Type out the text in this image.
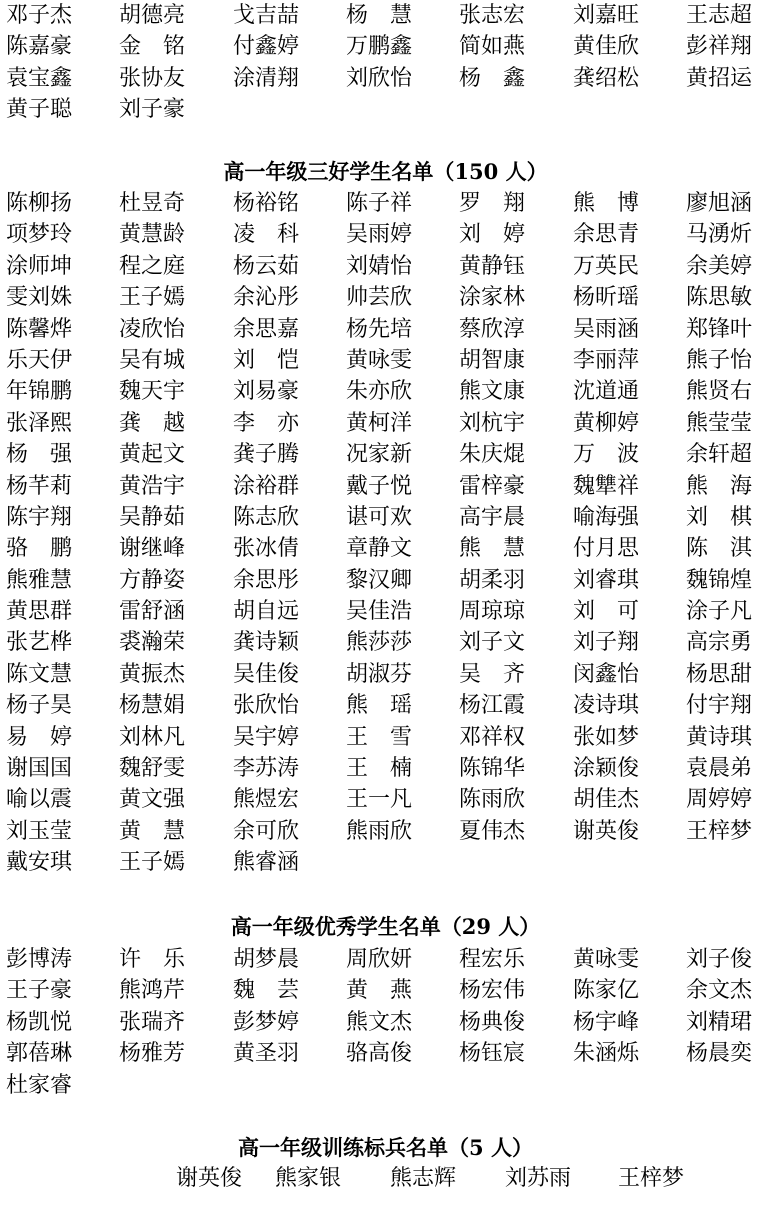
邓子杰	胡德亮	戈吉喆	杨　慧	张志宏	刘嘉旺	王志超
陈嘉豪	金　铭	付鑫婷	万鹏鑫	简如燕	黄佳欣	彭祥翔
袁宝鑫	张协友	涂清翔	刘欣怡	杨　鑫	龚绍松	黄招运
黄子聪	刘子豪
高一年级三好学生名单（150 人）
陈柳扬	杜昱奇	杨裕铭	陈子祥	罗　翔	熊　博	廖旭涵
项梦玲	黄慧龄	凌　科	吴雨婷	刘　婷	余思青	马湧炘
涂师坤	程之庭	杨云茹	刘婧怡	黄静钰	万英民	余美婷
雯刘姝	王子嫣	余沁彤	帅芸欣	涂家林	杨昕瑶	陈思敏
陈馨烨	凌欣怡	余思嘉	杨先培	蔡欣淳	吴雨涵	郑锋叶
乐天伊	吴有城	刘　恺	黄咏雯	胡智康	李丽萍	熊子怡
年锦鹏	魏天宇	刘易豪	朱亦欣	熊文康	沈道通	熊贤右
张泽熙	龚　越	李　亦	黄柯洋	刘杭宇	黄柳婷	熊莹莹
杨　强	黄起文	龚子腾	况家新	朱庆焜	万　波	余轩超
杨芊莉	黄浩宇	涂裕群	戴子悦	雷梓豪	魏犨祥	熊　海
陈宇翔	吴静茹	陈志欣	谌可欢	高宇晨	喻海强	刘　棋
骆　鹏	谢继峰	张冰倩	章静文	熊　慧	付月思	陈　淇
熊雅慧	方静姿	余思彤	黎汉卿	胡柔羽	刘睿琪	魏锦煌
黄思群	雷舒涵	胡自远	吴佳浩	周琼琼	刘　可	涂子凡
张艺桦	裘瀚荣	龚诗颖	熊莎莎	刘子文	刘子翔	高宗勇
陈文慧	黄振杰	吴佳俊	胡淑芬	吴　齐	闵鑫怡	杨思甜
杨子昊	杨慧娟	张欣怡	熊　瑶	杨江霞	凌诗琪	付宇翔
易　婷	刘林凡	吴宇婷	王　雪	邓祥权	张如梦	黄诗琪
谢国国	魏舒雯	李苏涛	王　楠	陈锦华	涂颖俊	袁晨弟
喻以震	黄文强	熊煜宏	王一凡	陈雨欣	胡佳杰	周婷婷
刘玉莹	黄　慧	余可欣	熊雨欣	夏伟杰	谢英俊	王梓梦
戴安琪	王子嫣	熊睿涵
高一年级优秀学生名单（29 人）
彭博涛	许　乐	胡梦晨	周欣妍	程宏乐	黄咏雯	刘子俊
王子豪	熊鸿芹	魏　芸	黄　燕	杨宏伟	陈家亿	余文杰
杨凯悦	张瑞齐	彭梦婷	熊文杰	杨典俊	杨宇峰	刘精珺
郭蓓琳	杨雅芳	黄圣羽	骆高俊	杨钰宸	朱涵烁	杨晨奕
杜家睿
高一年级训练标兵名单（5 人）
谢英俊 熊家银 熊志辉 刘苏雨 王梓梦
